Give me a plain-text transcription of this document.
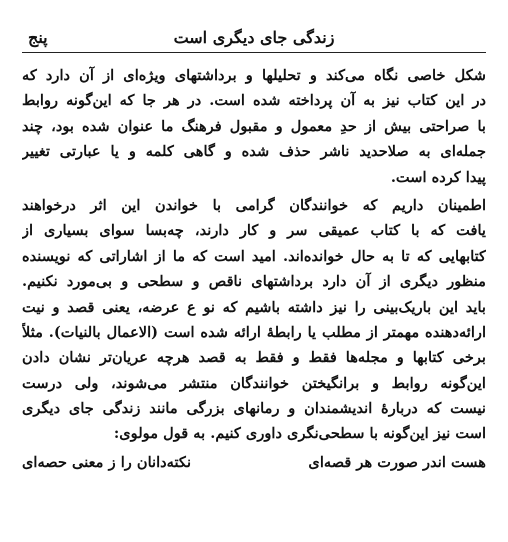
زندگی جای دیگری است
پنج
شکل خاصی نگاه می‌کند و تحلیلها و برداشتهای ویژه‌ای از آن دارد که
در این کتاب نیز به آن پرداخته شده است. در هر جا که این‌گونه روابط
با صراحتی بیش از حدِ معمول و مقبول فرهنگ ما عنوان شده بود، چند
جمله‌ای به صلاحدید ناشر حذف شده و گاهی کلمه و یا عبارتی تغییر
پیدا کرده است.
اطمینان داریم که خوانندگان گرامی با خواندن این اثر درخواهند
یافت که با کتاب عمیقی سر و کار دارند، چه‌بسا سوای بسیاری از
کتابهایی که تا به حال خوانده‌اند. امید است که ما از اشاراتی که نویسنده
منظور دیگری از آن دارد برداشتهای ناقص و سطحی و بی‌مورد نکنیم.
باید این باریک‌بینی را نیز داشته باشیم که نو ع عرضه، یعنی قصد و نیت
ارائه‌دهنده مهمتر از مطلب یا رابطهٔ ارائه شده است (الاعمال بالنیات). مثلاً
برخی کتابها و مجله‌ها فقط و فقط به قصد هرچه عریان‌تر نشان دادن
این‌گونه روابط و برانگیختن خوانندگان منتشر می‌شوند، ولی درست
نیست که دربارهٔ اندیشمندان و رمانهای بزرگی مانند زندگی جای دیگری
است نیز این‌گونه با سطحی‌نگری داوری کنیم. به قول مولوی:
هست اندر صورت هر قصه‌ای
نکته‌دانان را ز معنی حصه‌ای
